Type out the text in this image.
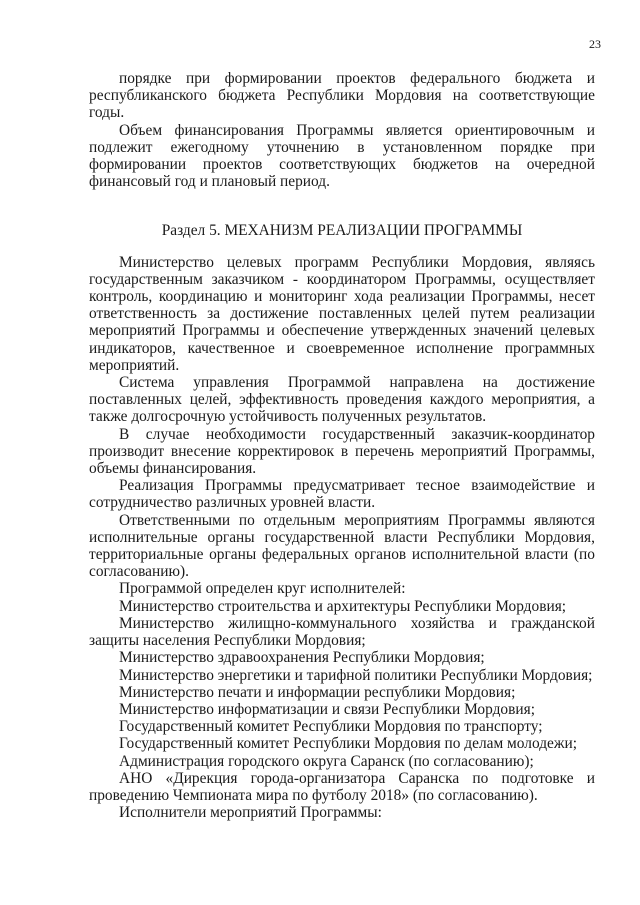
23

порядке при формировании проектов федерального бюджета и республиканского бюджета Республики Мордовия на соответствующие годы.

Объем финансирования Программы является ориентировочным и подлежит ежегодному уточнению в установленном порядке при формировании проектов соответствующих бюджетов на очередной финансовый год и плановый период.

Раздел 5. МЕХАНИЗМ РЕАЛИЗАЦИИ ПРОГРАММЫ

Министерство целевых программ Республики Мордовия, являясь государственным заказчиком - координатором Программы, осуществляет контроль, координацию и мониторинг хода реализации Программы, несет ответственность за достижение поставленных целей путем реализации мероприятий Программы и обеспечение утвержденных значений целевых индикаторов, качественное и своевременное исполнение программных мероприятий.

Система управления Программой направлена на достижение поставленных целей, эффективность проведения каждого мероприятия, а также долгосрочную устойчивость полученных результатов.

В случае необходимости государственный заказчик-координатор производит внесение корректировок в перечень мероприятий Программы, объемы финансирования.

Реализация Программы предусматривает тесное взаимодействие и сотрудничество различных уровней власти.

Ответственными по отдельным мероприятиям Программы являются исполнительные органы государственной власти Республики Мордовия, территориальные органы федеральных органов исполнительной власти (по согласованию).

Программой определен круг исполнителей:

Министерство строительства и архитектуры Республики Мордовия;

Министерство жилищно-коммунального хозяйства и гражданской защиты населения Республики Мордовия;

Министерство здравоохранения Республики Мордовия;

Министерство энергетики и тарифной политики Республики Мордовия;

Министерство печати и информации республики Мордовия;

Министерство информатизации и связи Республики Мордовия;

Государственный комитет Республики Мордовия по транспорту;

Государственный комитет Республики Мордовия по делам молодежи;

Администрация городского округа Саранск (по согласованию);

АНО «Дирекция города-организатора Саранска по подготовке и проведению Чемпионата мира по футболу 2018» (по согласованию).

Исполнители мероприятий Программы:
